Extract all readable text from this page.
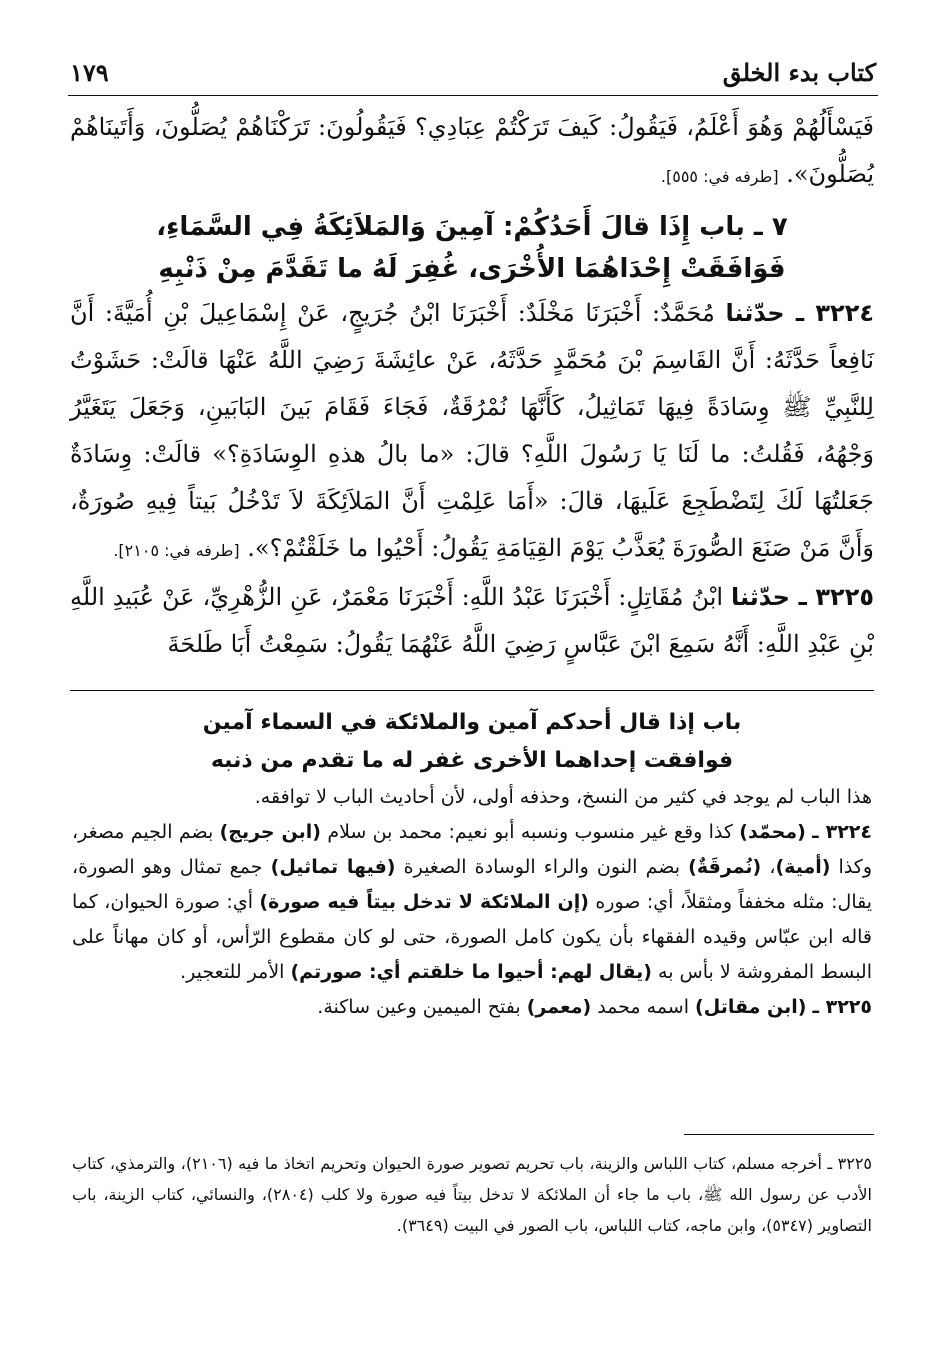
كتاب بدء الخلق
١٧٩

فَيَسْأَلُهُمْ وَهُوَ أَعْلَمُ، فَيَقُولُ: كَيفَ تَرَكْتُمْ عِبَادِي؟ فَيَقُولُونَ: تَرَكْنَاهُمْ يُصَلُّونَ، وَأَتَينَاهُمْ يُصَلُّونَ». [طرفه في: ٥٥٥].

٧ ـ باب إِذَا قالَ أَحَدُكُمْ: آمِينَ وَالمَلاَئِكَةُ فِي السَّمَاءِ،
فَوَافَقَتْ إِحْدَاهُمَا الأُخْرَى، غُفِرَ لَهُ ما تَقَدَّمَ مِنْ ذَنْبِهِ

٣٢٢٤ ـ حدّثنا مُحَمَّدٌ: أَخْبَرَنَا مَخْلَدٌ: أَخْبَرَنَا ابْنُ جُرَيجٍ، عَنْ إِسْمَاعِيلَ بْنِ أُمَيَّةَ: أَنَّ نَافِعاً حَدَّثَهُ: أَنَّ القَاسِمَ بْنَ مُحَمَّدٍ حَدَّثَهُ، عَنْ عائِشَةَ رَضِيَ اللَّهُ عَنْهَا قالَتْ: حَشَوْتُ لِلنَّبِيِّ ﷺ وِسَادَةً فِيهَا تَمَاثِيلُ، كَأَنَّهَا نُمْرُقَةٌ، فَجَاءَ فَقَامَ بَينَ البَابَينِ، وَجَعَلَ يَتَغَيَّرُ وَجْهُهُ، فَقُلتُ: ما لَنَا يَا رَسُولَ اللَّهِ؟ قالَ: «ما بالُ هذهِ الوِسَادَةِ؟» قالَتْ: وِسَادَةٌ جَعَلتُهَا لَكَ لِتَضْطَجِعَ عَلَيهَا، قالَ: «أَمَا عَلِمْتِ أَنَّ المَلاَئِكَةَ لاَ تَدْخُلُ بَيتاً فِيهِ صُورَةٌ، وَأَنَّ مَنْ صَنَعَ الصُّورَةَ يُعَذَّبُ يَوْمَ القِيَامَةِ يَقُولُ: أَحْيُوا ما خَلَقْتُمْ؟». [طرفه في: ٢١٠٥].

٣٢٢٥ ـ حدّثنا ابْنُ مُقَاتِلٍ: أَخْبَرَنَا عَبْدُ اللَّهِ: أَخْبَرَنَا مَعْمَرٌ، عَنِ الزُّهْرِيِّ، عَنْ عُبَيدِ اللَّهِ بْنِ عَبْدِ اللَّهِ: أَنَّهُ سَمِعَ ابْنَ عَبَّاسٍ رَضِيَ اللَّهُ عَنْهُمَا يَقُولُ: سَمِعْتُ أَبَا طَلحَةَ

باب إذا قال أحدكم آمين والملائكة في السماء آمين
فوافقت إحداهما الأخرى غفر له ما تقدم من ذنبه

هذا الباب لم يوجد في كثير من النسخ، وحذفه أولى، لأن أحاديث الباب لا توافقه.

٣٢٢٤ ـ (محمّد) كذا وقع غير منسوب ونسبه أبو نعيم: محمد بن سلام (ابن جريج) بضم الجيم مصغر، وكذا (أمية)، (نُمرقَةٌ) بضم النون والراء الوسادة الصغيرة (فيها تماثيل) جمع تمثال وهو الصورة، يقال: مثله مخففاً ومثقلاً، أي: صوره (إن الملائكة لا تدخل بيتاً فيه صورة) أي: صورة الحيوان، كما قاله ابن عبّاس وقيده الفقهاء بأن يكون كامل الصورة، حتى لو كان مقطوع الرّأس، أو كان مهاناً على البسط المفروشة لا بأس به (يقال لهم: أحيوا ما خلقتم أي: صورتم) الأمر للتعجير.

٣٢٢٥ ـ (ابن مقاتل) اسمه محمد (معمر) بفتح الميمين وعين ساكنة.

٣٢٢٥ ـ أخرجه مسلم، كتاب اللباس والزينة، باب تحريم تصوير صورة الحيوان وتحريم اتخاذ ما فيه (٢١٠٦)، والترمذي، كتاب الأدب عن رسول الله ﷺ، باب ما جاء أن الملائكة لا تدخل بيتاً فيه صورة ولا كلب (٢٨٠٤)، والنسائي، كتاب الزينة، باب التصاوير (٥٣٤٧)، وابن ماجه، كتاب اللباس، باب الصور في البيت (٣٦٤٩).
